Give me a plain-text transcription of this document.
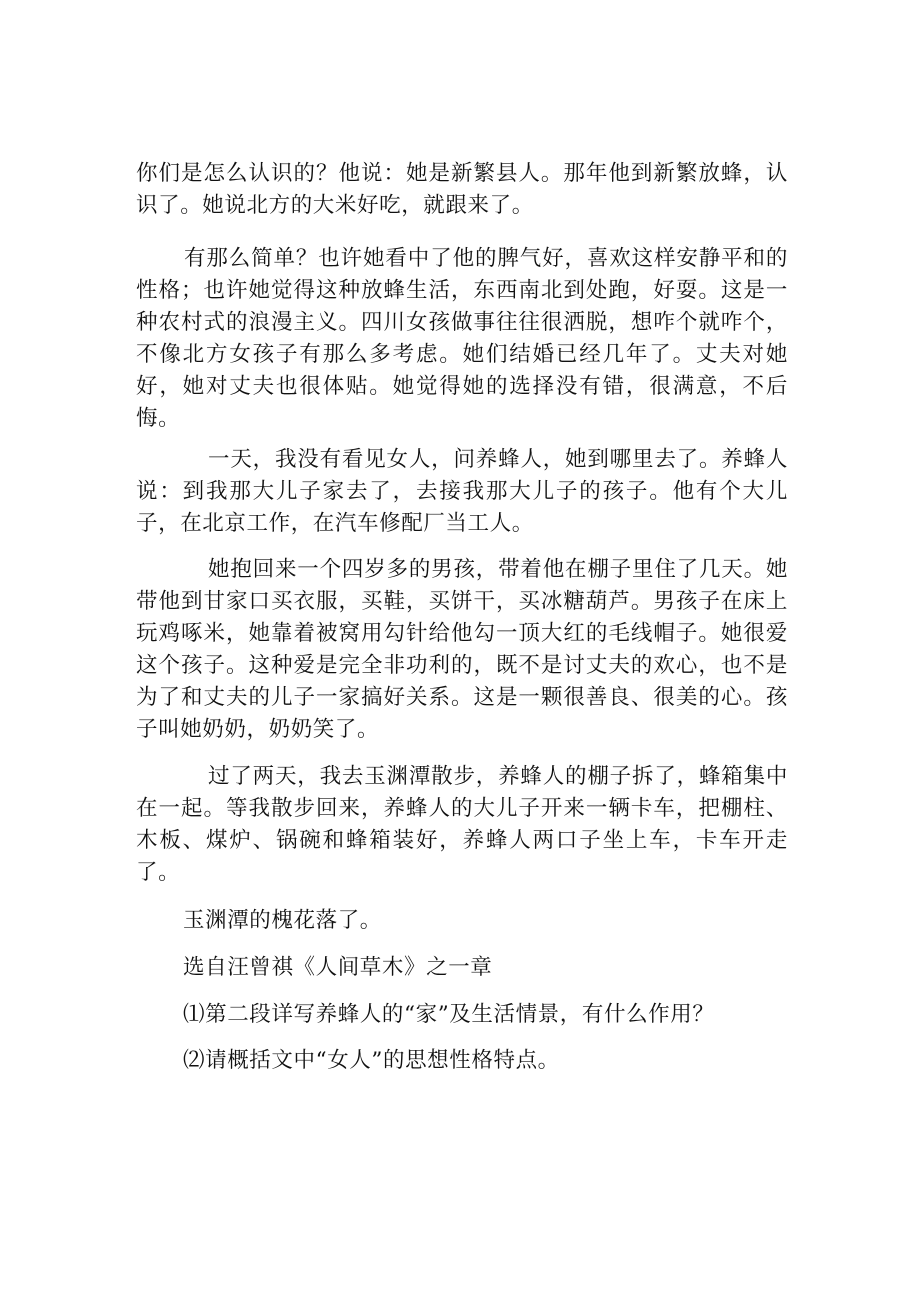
你们是怎么认识的？他说：她是新繁县人。那年他到新繁放蜂，认识了。她说北方的大米好吃，就跟来了。

有那么简单？也许她看中了他的脾气好，喜欢这样安静平和的性格；也许她觉得这种放蜂生活，东西南北到处跑，好耍。这是一种农村式的浪漫主义。四川女孩做事往往很洒脱，想咋个就咋个，不像北方女孩子有那么多考虑。她们结婚已经几年了。丈夫对她好，她对丈夫也很体贴。她觉得她的选择没有错，很满意，不后悔。

一天，我没有看见女人，问养蜂人，她到哪里去了。养蜂人说：到我那大儿子家去了，去接我那大儿子的孩子。他有个大儿子，在北京工作，在汽车修配厂当工人。

她抱回来一个四岁多的男孩，带着他在棚子里住了几天。她带他到甘家口买衣服，买鞋，买饼干，买冰糖葫芦。男孩子在床上玩鸡啄米，她靠着被窝用勾针给他勾一顶大红的毛线帽子。她很爱这个孩子。这种爱是完全非功利的，既不是讨丈夫的欢心，也不是为了和丈夫的儿子一家搞好关系。这是一颗很善良、很美的心。孩子叫她奶奶，奶奶笑了。

过了两天，我去玉渊潭散步，养蜂人的棚子拆了，蜂箱集中在一起。等我散步回来，养蜂人的大儿子开来一辆卡车，把棚柱、木板、煤炉、锅碗和蜂箱装好，养蜂人两口子坐上车，卡车开走了。

玉渊潭的槐花落了。

选自汪曾祺《人间草木》之一章

⑴第二段详写养蜂人的“家”及生活情景，有什么作用？

⑵请概括文中“女人”的思想性格特点。
